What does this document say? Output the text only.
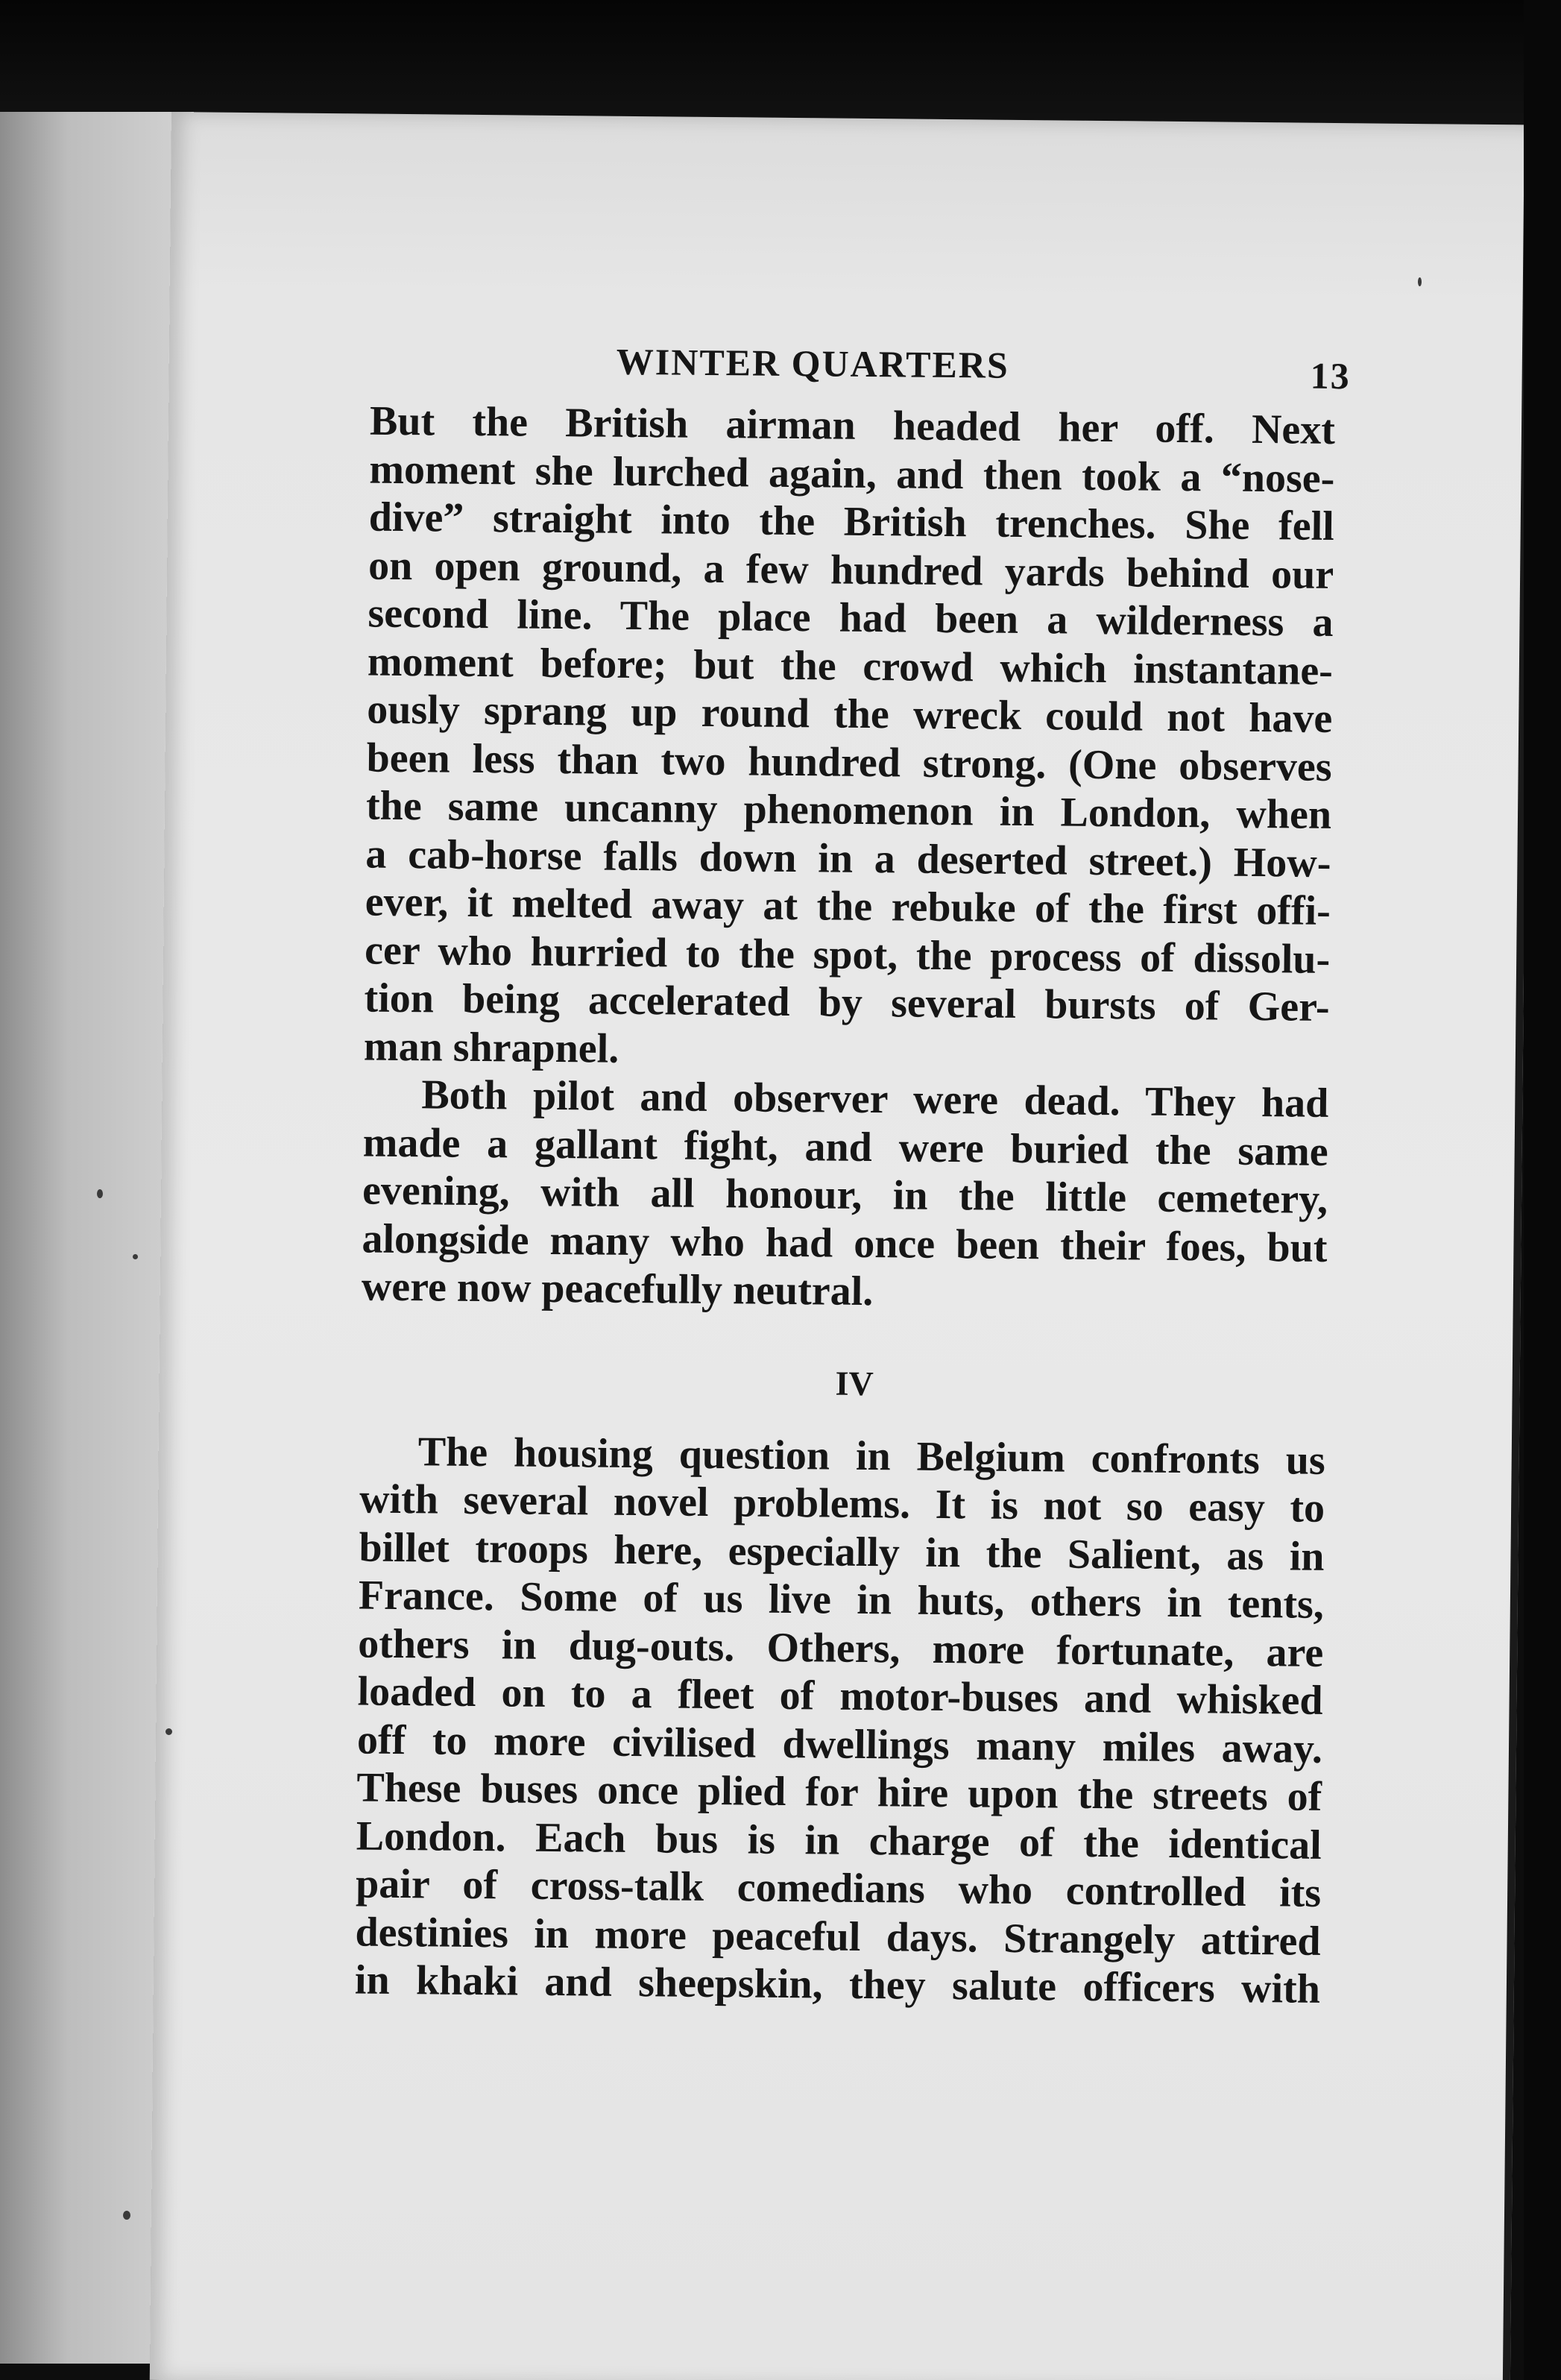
WINTER QUARTERS	13
But the British airman headed her off. Next
moment she lurched again, and then took a “nose-
dive” straight into the British trenches. She fell
on open ground, a few hundred yards behind our
second line. The place had been a wilderness a
moment before; but the crowd which instantane-
ously sprang up round the wreck could not have
been less than two hundred strong. (One observes
the same uncanny phenomenon in London, when
a cab-horse falls down in a deserted street.) How-
ever, it melted away at the rebuke of the first offi-
cer who hurried to the spot, the process of dissolu-
tion being accelerated by several bursts of Ger-
man shrapnel.
Both pilot and observer were dead. They had
made a gallant fight, and were buried the same
evening, with all honour, in the little cemetery,
alongside many who had once been their foes, but
were now peacefully neutral.
IV
The housing question in Belgium confronts us
with several novel problems. It is not so easy to
billet troops here, especially in the Salient, as in
France. Some of us live in huts, others in tents,
others in dug-outs. Others, more fortunate, are
loaded on to a fleet of motor-buses and whisked
off to more civilised dwellings many miles away.
These buses once plied for hire upon the streets of
London. Each bus is in charge of the identical
pair of cross-talk comedians who controlled its
destinies in more peaceful days. Strangely attired
in khaki and sheepskin, they salute officers with
